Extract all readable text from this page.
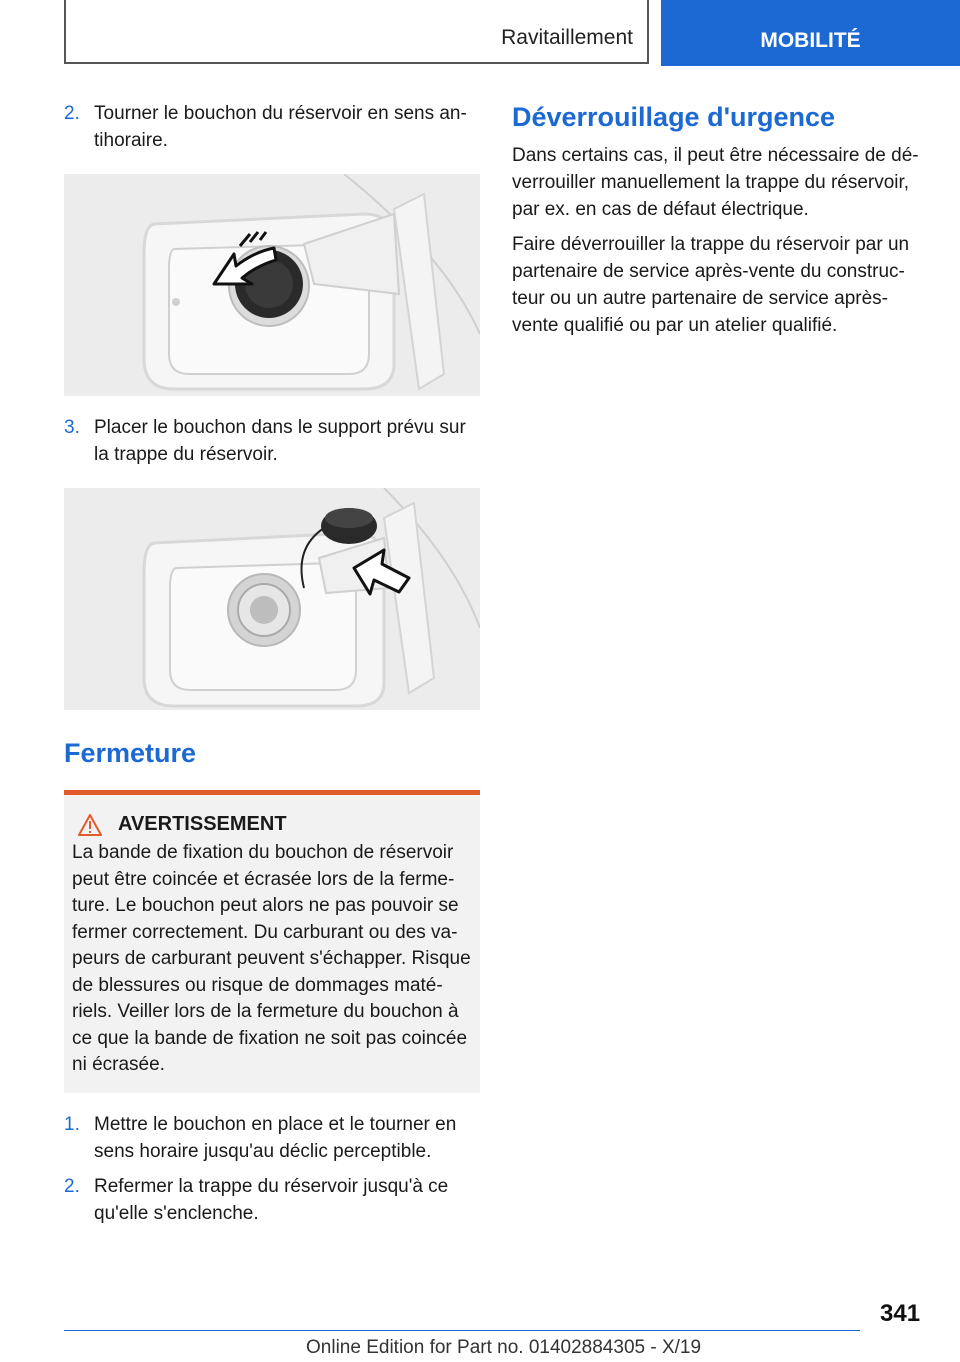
Ravitaillement	MOBILITÉ
2. Tourner le bouchon du réservoir en sens an-tihoraire.
3. Placer le bouchon dans le support prévu sur la trappe du réservoir.
Fermeture
AVERTISSEMENT
La bande de fixation du bouchon de réservoir peut être coincée et écrasée lors de la ferme-ture. Le bouchon peut alors ne pas pouvoir se fermer correctement. Du carburant ou des va-peurs de carburant peuvent s'échapper. Risque de blessures ou risque de dommages maté-riels. Veiller lors de la fermeture du bouchon à ce que la bande de fixation ne soit pas coincée ni écrasée.
1. Mettre le bouchon en place et le tourner en sens horaire jusqu'au déclic perceptible.
2. Refermer la trappe du réservoir jusqu'à ce qu'elle s'enclenche.
Déverrouillage d'urgence
Dans certains cas, il peut être nécessaire de dé-verrouiller manuellement la trappe du réservoir, par ex. en cas de défaut électrique.
Faire déverrouiller la trappe du réservoir par un partenaire de service après-vente du construc-teur ou un autre partenaire de service après-vente qualifié ou par un atelier qualifié.
341
Online Edition for Part no. 01402884305 - X/19
